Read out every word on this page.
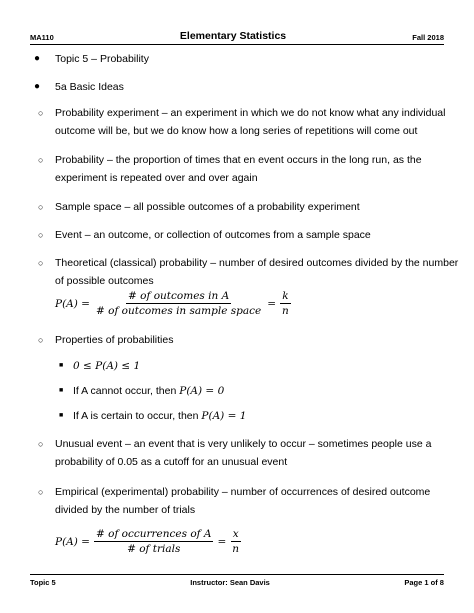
MA110	Elementary Statistics	Fall 2018
● Topic 5 – Probability
● 5a Basic Ideas
○ Probability experiment – an experiment in which we do not know what any individual
outcome will be, but we do know how a long series of repetitions will come out
○ Probability – the proportion of times that en event occurs in the long run, as the
experiment is repeated over and over again
○ Sample space – all possible outcomes of a probability experiment
○ Event – an outcome, or collection of outcomes from a sample space
○ Theoretical (classical) probability – number of desired outcomes divided by the number
of possible outcomes
$P(A) = \frac{\text{\# of outcomes in A}}{\text{\# of outcomes in sample space}} = \frac{k}{n}$
○ Properties of probabilities
■ 0 ≤ P(A) ≤ 1
■ If A cannot occur, then P(A) = 0
■ If A is certain to occur, then P(A) = 1
○ Unusual event – an event that is very unlikely to occur – sometimes people use a
probability of 0.05 as a cutoff for an unusual event
○ Empirical (experimental) probability – number of occurrences of desired outcome
divided by the number of trials
$P(A) = \frac{\text{\# of occurrences of A}}{\text{\# of trials}} = \frac{x}{n}$
Topic 5	Instructor: Sean Davis	Page 1 of 8
